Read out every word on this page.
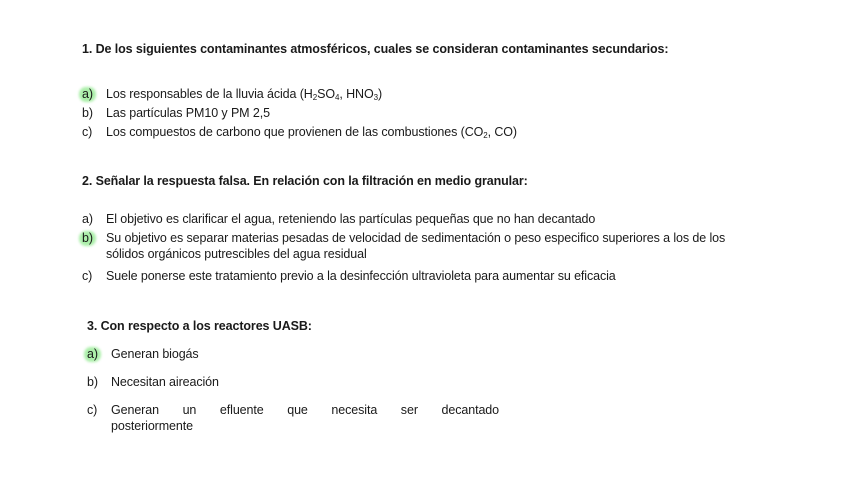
1. De los siguientes contaminantes atmosféricos, cuales se consideran contaminantes secundarios:
a) Los responsables de la lluvia ácida ($H_2SO_4$, $HNO_3$)
b) Las partículas PM10 y PM 2,5
c) Los compuestos de carbono que provienen de las combustiones ($CO_2$, CO)
2. Señalar la respuesta falsa. En relación con la filtración en medio granular:
a) El objetivo es clarificar el agua, reteniendo las partículas pequeñas que no han decantado
b) Su objetivo es separar materias pesadas de velocidad de sedimentación o peso especifico superiores a los de los
sólidos orgánicos putrescibles del agua residual
c) Suele ponerse este tratamiento previo a la desinfección ultravioleta para aumentar su eficacia
3. Con respecto a los reactores UASB:
a) Generan biogás
b) Necesitan aireación
c) Generan un efluente que necesita ser decantado
posteriormente
